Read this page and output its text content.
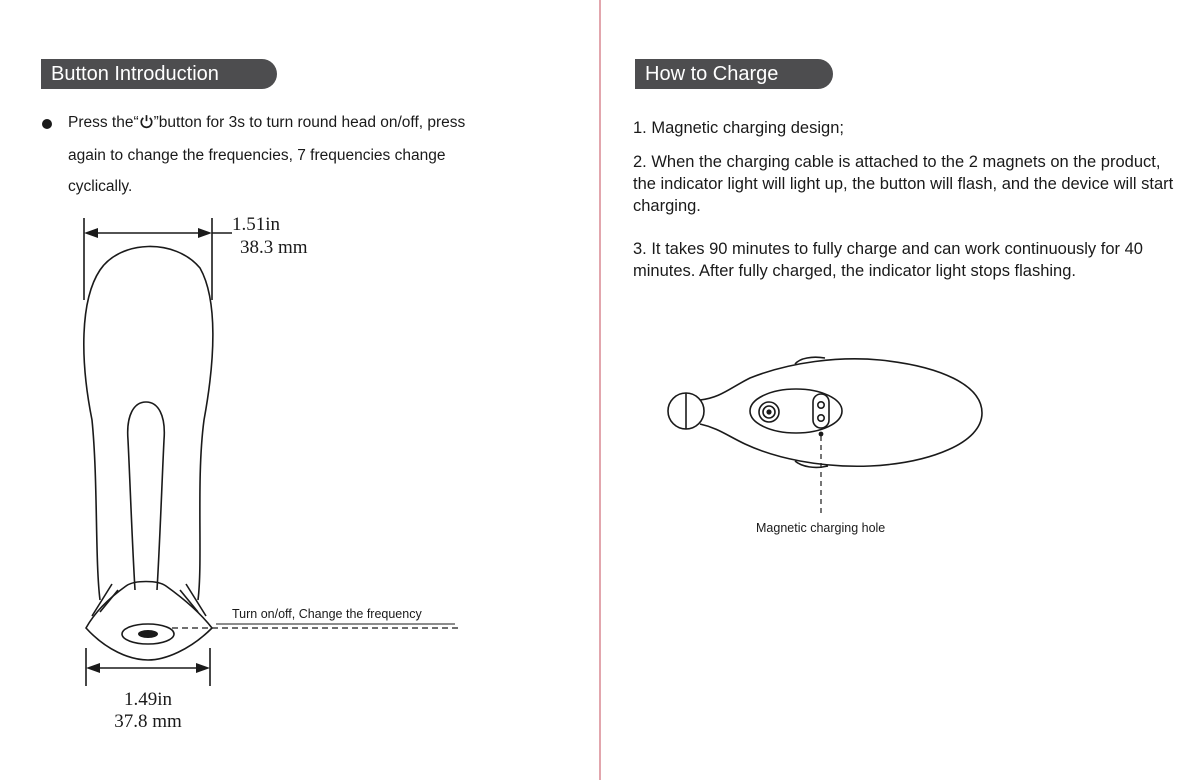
Button Introduction
Press the“ ”button for 3s to turn round head on/off, press
again to change the frequencies, 7 frequencies change
cyclically.
1.51in
38.3 mm
Turn on/off, Change the frequency
1.49in
37.8 mm
How to Charge
1. Magnetic charging design;
2. When the charging cable is attached to the 2 magnets on the product, the indicator light will light up, the button will flash, and the device will start charging.
3. It takes 90 minutes to fully charge and can work continuously for 40 minutes. After fully charged, the indicator light stops flashing.
Magnetic charging hole
